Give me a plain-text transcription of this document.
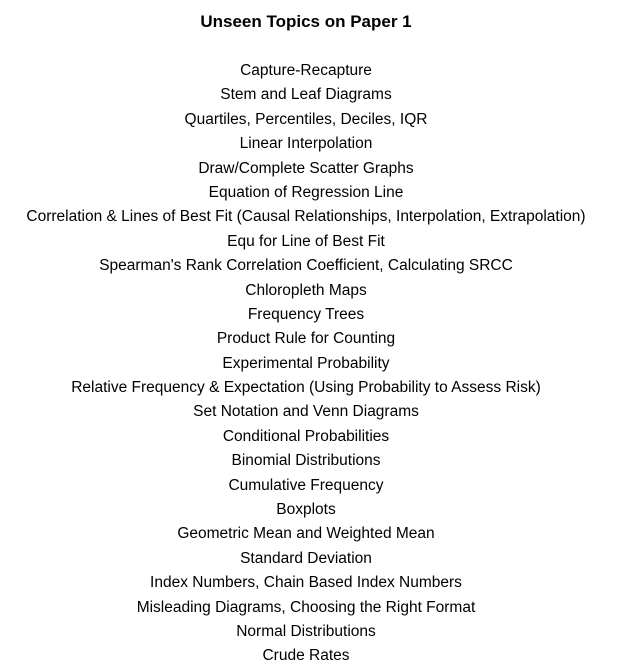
Unseen Topics on Paper 1
Capture-Recapture
Stem and Leaf Diagrams
Quartiles, Percentiles, Deciles, IQR
Linear Interpolation
Draw/Complete Scatter Graphs
Equation of Regression Line
Correlation & Lines of Best Fit (Causal Relationships, Interpolation, Extrapolation)
Equ for Line of Best Fit
Spearman's Rank Correlation Coefficient, Calculating SRCC
Chloropleth Maps
Frequency Trees
Product Rule for Counting
Experimental Probability
Relative Frequency & Expectation (Using Probability to Assess Risk)
Set Notation and Venn Diagrams
Conditional Probabilities
Binomial Distributions
Cumulative Frequency
Boxplots
Geometric Mean and Weighted Mean
Standard Deviation
Index Numbers, Chain Based Index Numbers
Misleading Diagrams, Choosing the Right Format
Normal Distributions
Crude Rates
